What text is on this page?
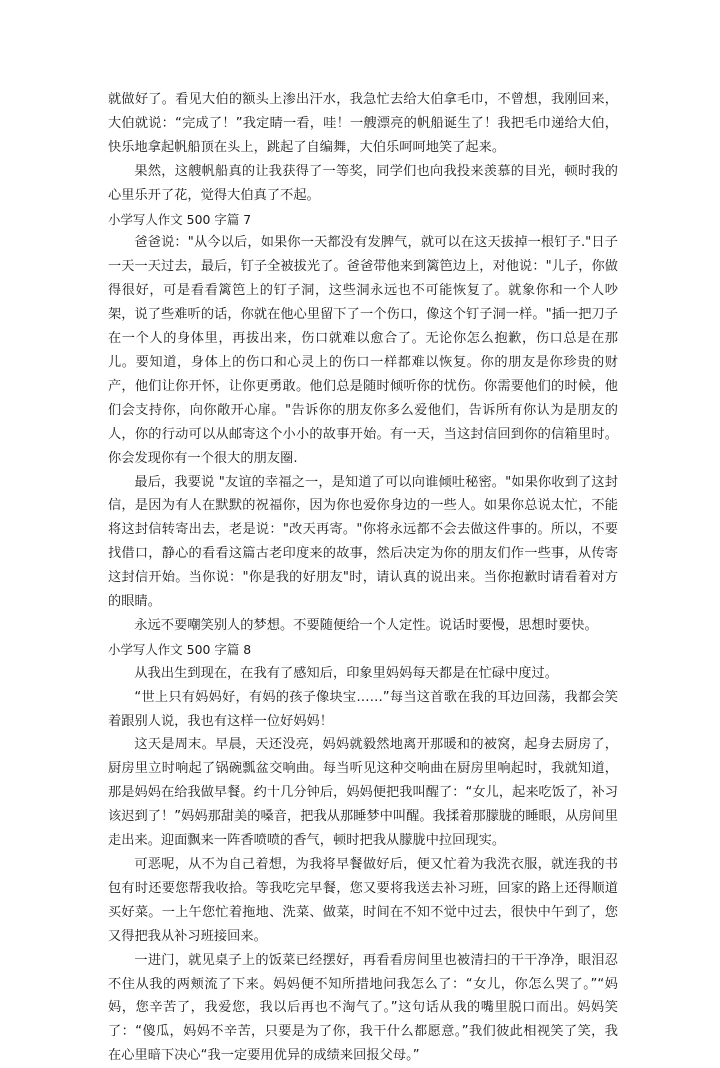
就做好了。看见大伯的额头上渗出汗水，我急忙去给大伯拿毛巾，不曾想，我刚回来，大伯就说：“完成了！”我定睛一看，哇！一艘漂亮的帆船诞生了！我把毛巾递给大伯，快乐地拿起帆船顶在头上，跳起了自编舞，大伯乐呵呵地笑了起来。

果然，这艘帆船真的让我获得了一等奖，同学们也向我投来羡慕的目光，顿时我的心里乐开了花，觉得大伯真了不起。

小学写人作文 500 字篇 7

爸爸说："从今以后，如果你一天都没有发脾气，就可以在这天拔掉一根钉子."日子一天一天过去，最后，钉子全被拔光了。爸爸带他来到篱笆边上，对他说："儿子，你做得很好，可是看看篱笆上的钉子洞，这些洞永远也不可能恢复了。就象你和一个人吵架，说了些难听的话，你就在他心里留下了一个伤口，像这个钉子洞一样。"插一把刀子在一个人的身体里，再拔出来，伤口就难以愈合了。无论你怎么抱歉，伤口总是在那儿。要知道，身体上的伤口和心灵上的伤口一样都难以恢复。你的朋友是你珍贵的财产，他们让你开怀，让你更勇敢。他们总是随时倾听你的忧伤。你需要他们的时候，他们会支持你，向你敞开心扉。"告诉你的朋友你多么爱他们，告诉所有你认为是朋友的人，你的行动可以从邮寄这个小小的故事开始。有一天，当这封信回到你的信箱里时。你会发现你有一个很大的朋友圈.

最后，我要说 "友谊的幸福之一，是知道了可以向谁倾吐秘密。"如果你收到了这封信，是因为有人在默默的祝福你，因为你也爱你身边的一些人。如果你总说太忙，不能将这封信转寄出去，老是说："改天再寄。"你将永远都不会去做这件事的。所以，不要找借口，静心的看看这篇古老印度来的故事，然后决定为你的朋友们作一些事，从传寄这封信开始。当你说："你是我的好朋友"时，请认真的说出来。当你抱歉时请看着对方的眼睛。

永远不要嘲笑别人的梦想。不要随便给一个人定性。说话时要慢，思想时要快。

小学写人作文 500 字篇 8

从我出生到现在，在我有了感知后，印象里妈妈每天都是在忙碌中度过。

“世上只有妈妈好，有妈的孩子像块宝……”每当这首歌在我的耳边回荡，我都会笑着跟别人说，我也有这样一位好妈妈！

这天是周末。早晨，天还没亮，妈妈就毅然地离开那暖和的被窝，起身去厨房了，厨房里立时响起了锅碗瓢盆交响曲。每当听见这种交响曲在厨房里响起时，我就知道，那是妈妈在给我做早餐。约十几分钟后，妈妈便把我叫醒了：“女儿，起来吃饭了，补习该迟到了！”妈妈那甜美的嗓音，把我从那睡梦中叫醒。我揉着那朦胧的睡眼，从房间里走出来。迎面飘来一阵香喷喷的香气，顿时把我从朦胧中拉回现实。

可恶呢，从不为自己着想，为我将早餐做好后，便又忙着为我洗衣服，就连我的书包有时还要您帮我收拾。等我吃完早餐，您又要将我送去补习班，回家的路上还得顺道买好菜。一上午您忙着拖地、洗菜、做菜，时间在不知不觉中过去，很快中午到了，您又得把我从补习班接回来。

一进门，就见桌子上的饭菜已经摆好，再看看房间里也被清扫的干干净净，眼泪忍不住从我的两颊流了下来。妈妈便不知所措地问我怎么了：“女儿，你怎么哭了。”“妈妈，您辛苦了，我爱您，我以后再也不淘气了。”这句话从我的嘴里脱口而出。妈妈笑了：“傻瓜，妈妈不辛苦，只要是为了你，我干什么都愿意。”我们彼此相视笑了笑，我在心里暗下决心“我一定要用优异的成绩来回报父母。”
